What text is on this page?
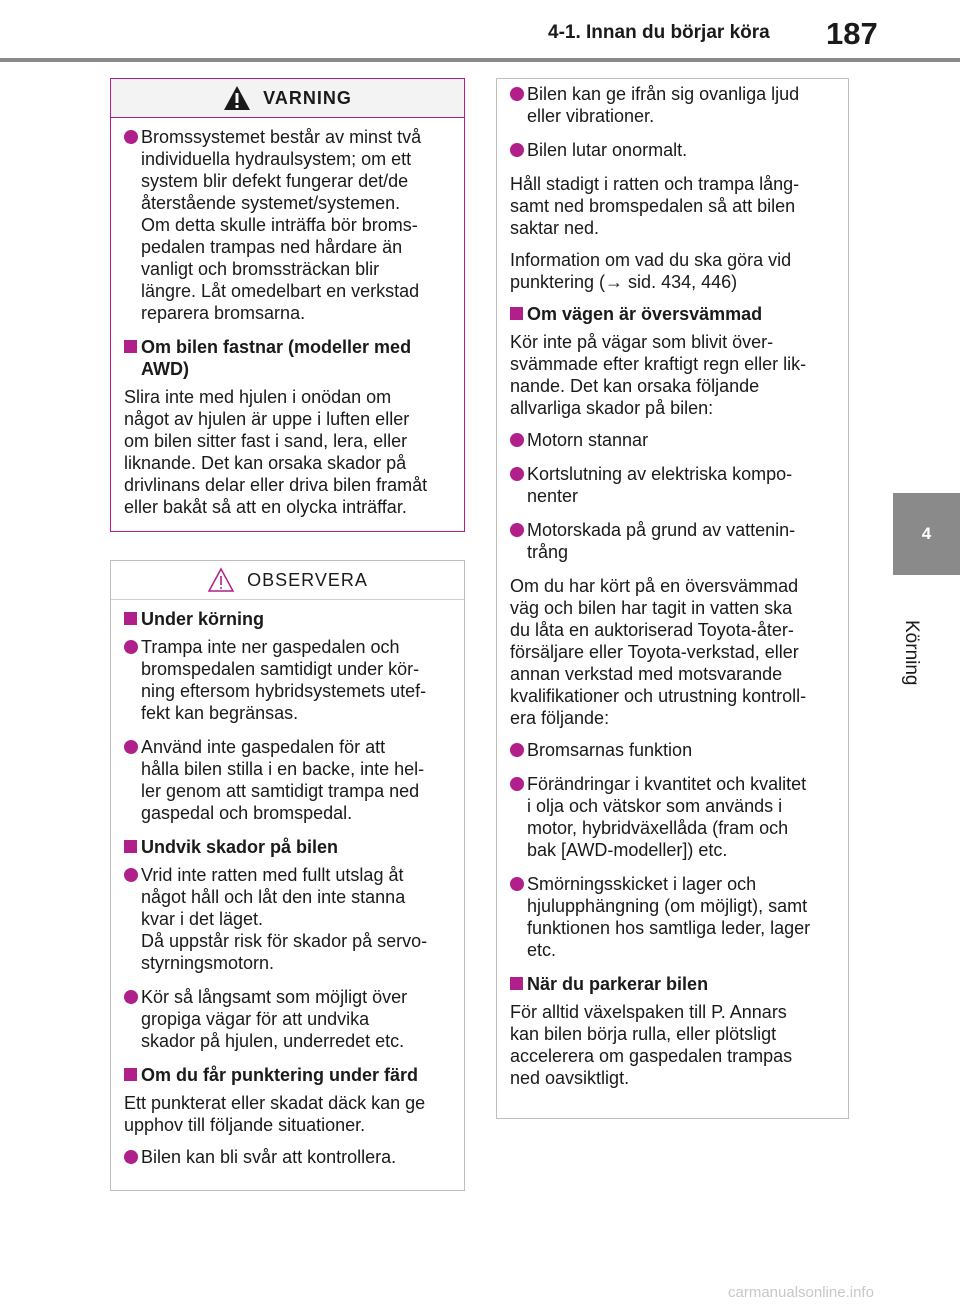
4-1. Innan du börjar köra 187
4
Körning
VARNING
Bromssystemet består av minst två
individuella hydraulsystem; om ett
system blir defekt fungerar det/de
återstående systemet/systemen.
Om detta skulle inträffa bör broms-
pedalen trampas ned hårdare än
vanligt och bromssträckan blir
längre. Låt omedelbart en verkstad
reparera bromsarna.
Om bilen fastnar (modeller med
AWD)
Slira inte med hjulen i onödan om
något av hjulen är uppe i luften eller
om bilen sitter fast i sand, lera, eller
liknande. Det kan orsaka skador på
drivlinans delar eller driva bilen framåt
eller bakåt så att en olycka inträffar.
OBSERVERA
Under körning
Trampa inte ner gaspedalen och
bromspedalen samtidigt under kör-
ning eftersom hybridsystemets utef-
fekt kan begränsas.
Använd inte gaspedalen för att
hålla bilen stilla i en backe, inte hel-
ler genom att samtidigt trampa ned
gaspedal och bromspedal.
Undvik skador på bilen
Vrid inte ratten med fullt utslag åt
något håll och låt den inte stanna
kvar i det läget.
Då uppstår risk för skador på servo-
styrningsmotorn.
Kör så långsamt som möjligt över
gropiga vägar för att undvika
skador på hjulen, underredet etc.
Om du får punktering under färd
Ett punkterat eller skadat däck kan ge
upphov till följande situationer.
Bilen kan bli svår att kontrollera.
Bilen kan ge ifrån sig ovanliga ljud
eller vibrationer.
Bilen lutar onormalt.
Håll stadigt i ratten och trampa lång-
samt ned bromspedalen så att bilen
saktar ned.
Information om vad du ska göra vid
punktering (→ sid. 434, 446)
Om vägen är översvämmad
Kör inte på vägar som blivit över-
svämmade efter kraftigt regn eller lik-
nande. Det kan orsaka följande
allvarliga skador på bilen:
Motorn stannar
Kortslutning av elektriska kompo-
nenter
Motorskada på grund av vattenin-
trång
Om du har kört på en översvämmad
väg och bilen har tagit in vatten ska
du låta en auktoriserad Toyota-åter-
försäljare eller Toyota-verkstad, eller
annan verkstad med motsvarande
kvalifikationer och utrustning kontroll-
era följande:
Bromsarnas funktion
Förändringar i kvantitet och kvalitet
i olja och vätskor som används i
motor, hybridväxellåda (fram och
bak [AWD-modeller]) etc.
Smörningsskicket i lager och
hjulupphängning (om möjligt), samt
funktionen hos samtliga leder, lager
etc.
När du parkerar bilen
För alltid växelspaken till P. Annars
kan bilen börja rulla, eller plötsligt
accelerera om gaspedalen trampas
ned oavsiktligt.
carmanualsonline.info
